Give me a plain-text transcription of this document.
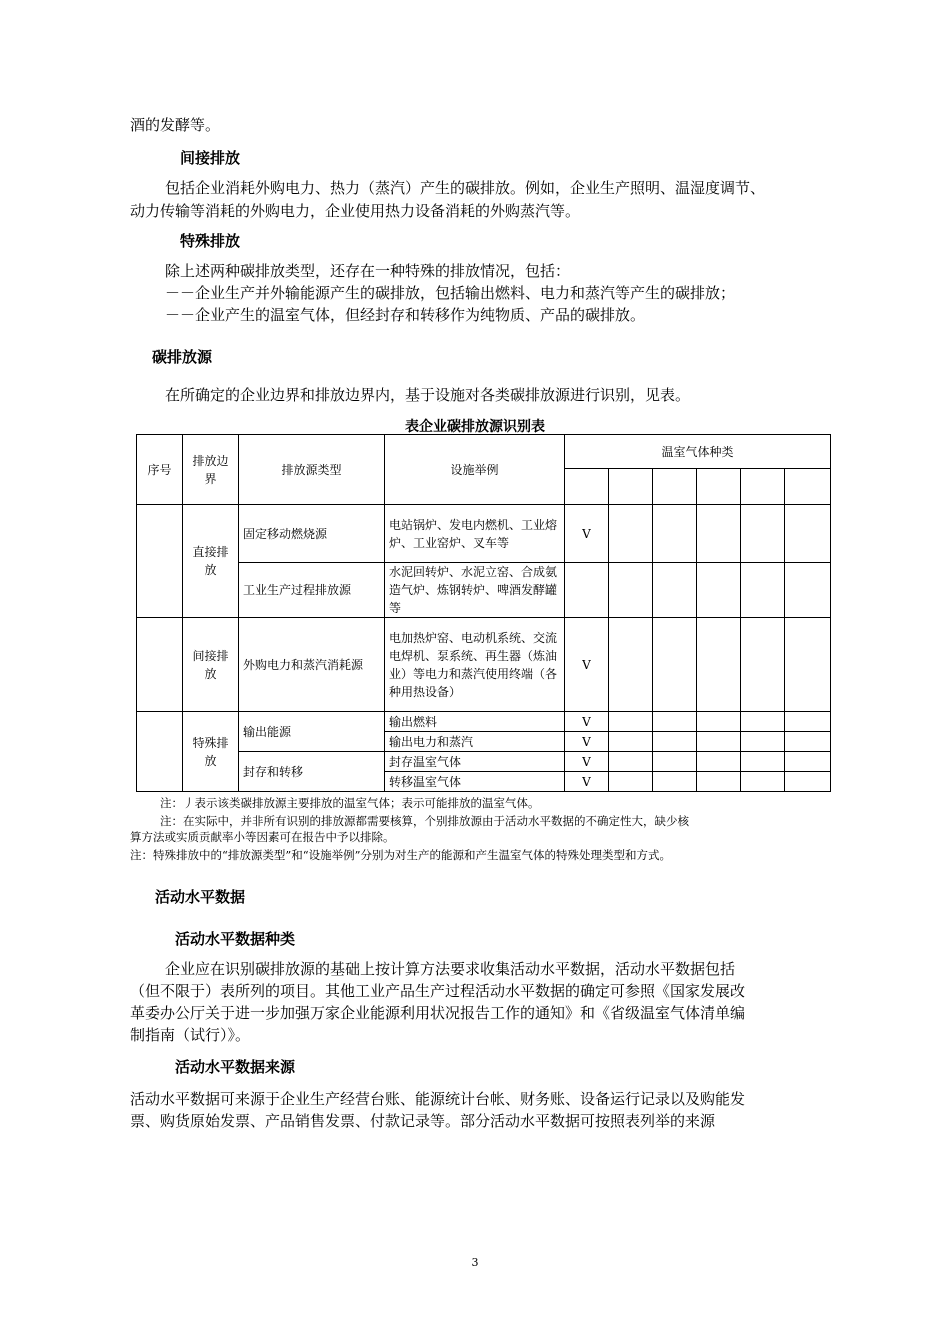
酒的发酵等。
间接排放
包括企业消耗外购电力、热力（蒸汽）产生的碳排放。例如，企业生产照明、温湿度调节、
动力传输等消耗的外购电力，企业使用热力设备消耗的外购蒸汽等。
特殊排放
除上述两种碳排放类型，还存在一种特殊的排放情况，包括：
－－企业生产并外输能源产生的碳排放，包括输出燃料、电力和蒸汽等产生的碳排放；
－－企业产生的温室气体，但经封存和转移作为纯物质、产品的碳排放。
碳排放源
在所确定的企业边界和排放边界内，基于设施对各类碳排放源进行识别，见表。
表企业碳排放源识别表
序号	排放边界	排放源类型	设施举例	温室气体种类					

	直接排放	固定移动燃烧源	电站锅炉、发电内燃机、工业熔炉、工业窑炉、叉车等	V					
		工业生产过程排放源	水泥回转炉、水泥立窑、合成氨造气炉、炼钢转炉、啤酒发酵罐等						
	间接排放	外购电力和蒸汽消耗源	电加热炉窑、电动机系统、交流电焊机、泵系统、再生器（炼油业）等电力和蒸汽使用终端（各种用热设备）	V					
	特殊排放	输出能源	输出燃料	V					
			输出电力和蒸汽	V					
		封存和转移	封存温室气体	V					
			转移温室气体	V					
注：丿表示该类碳排放源主要排放的温室气体；表示可能排放的温室气体。
注：在实际中，并非所有识别的排放源都需要核算，个别排放源由于活动水平数据的不确定性大，缺少核
算方法或实质贡献率小等因素可在报告中予以排除。
注：特殊排放中的“排放源类型”和“设施举例”分别为对生产的能源和产生温室气体的特殊处理类型和方式。
活动水平数据
活动水平数据种类
企业应在识别碳排放源的基础上按计算方法要求收集活动水平数据，活动水平数据包括
（但不限于）表所列的项目。其他工业产品生产过程活动水平数据的确定可参照《国家发展改
革委办公厅关于进一步加强万家企业能源利用状况报告工作的通知》和《省级温室气体清单编
制指南（试行）》。
活动水平数据来源
活动水平数据可来源于企业生产经营台账、能源统计台帐、财务账、设备运行记录以及购能发
票、购货原始发票、产品销售发票、付款记录等。部分活动水平数据可按照表列举的来源
3
